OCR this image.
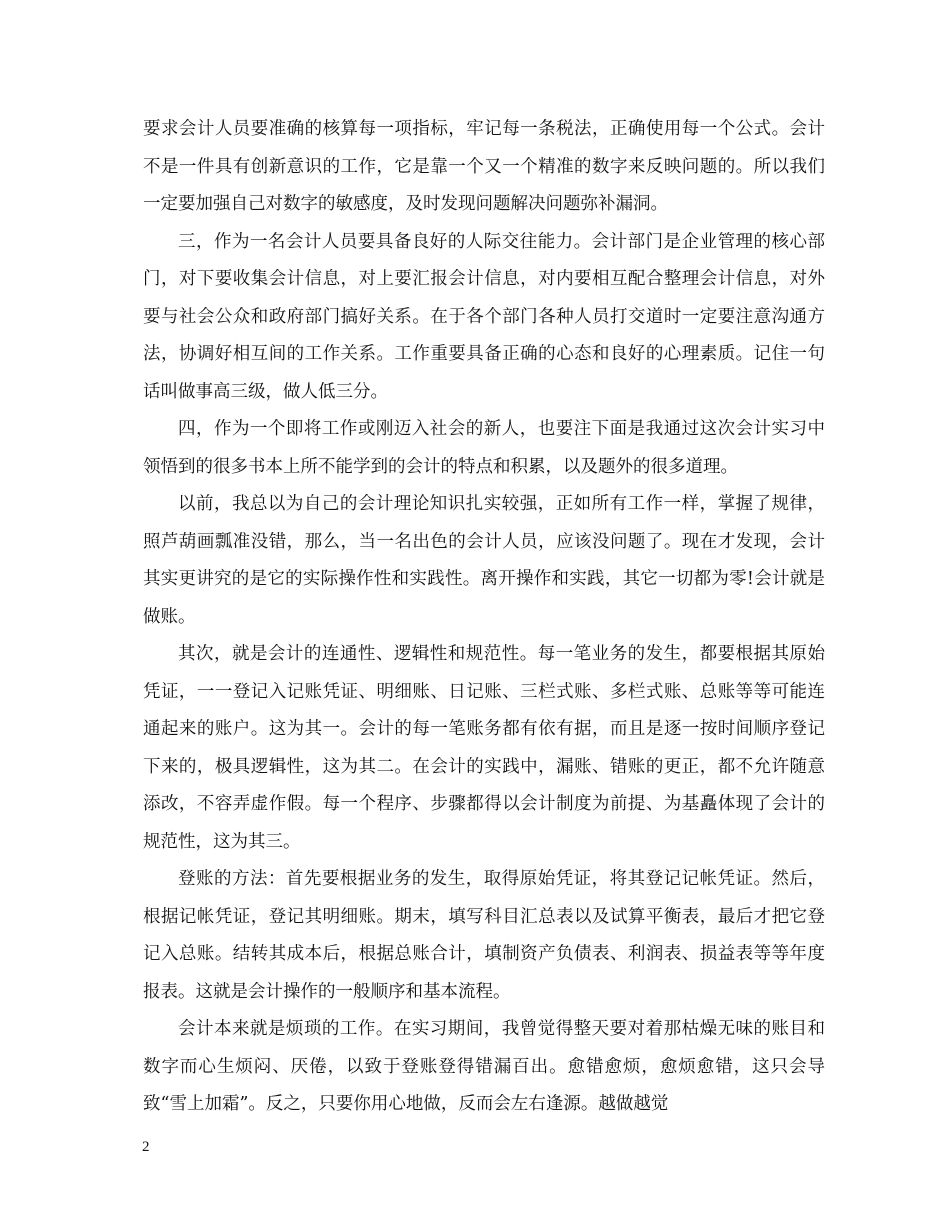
要求会计人员要准确的核算每一项指标，牢记每一条税法，正确使用每一个公式。会计不是一件具有创新意识的工作，它是靠一个又一个精准的数字来反映问题的。所以我们一定要加强自己对数字的敏感度，及时发现问题解决问题弥补漏洞。

三，作为一名会计人员要具备良好的人际交往能力。会计部门是企业管理的核心部门，对下要收集会计信息，对上要汇报会计信息，对内要相互配合整理会计信息，对外要与社会公众和政府部门搞好关系。在于各个部门各种人员打交道时一定要注意沟通方法，协调好相互间的工作关系。工作重要具备正确的心态和良好的心理素质。记住一句话叫做事高三级，做人低三分。

四，作为一个即将工作或刚迈入社会的新人，也要注下面是我通过这次会计实习中领悟到的很多书本上所不能学到的会计的特点和积累，以及题外的很多道理。

以前，我总以为自己的会计理论知识扎实较强，正如所有工作一样，掌握了规律，照芦葫画瓢准没错，那么，当一名出色的会计人员，应该没问题了。现在才发现，会计其实更讲究的是它的实际操作性和实践性。离开操作和实践，其它一切都为零!会计就是做账。

其次，就是会计的连通性、逻辑性和规范性。每一笔业务的发生，都要根据其原始凭证，一一登记入记账凭证、明细账、日记账、三栏式账、多栏式账、总账等等可能连通起来的账户。这为其一。会计的每一笔账务都有依有据，而且是逐一按时间顺序登记下来的，极具逻辑性，这为其二。在会计的实践中，漏账、错账的更正，都不允许随意添改，不容弄虚作假。每一个程序、步骤都得以会计制度为前提、为基矗体现了会计的规范性，这为其三。

登账的方法：首先要根据业务的发生，取得原始凭证，将其登记记帐凭证。然后，根据记帐凭证，登记其明细账。期末，填写科目汇总表以及试算平衡表，最后才把它登记入总账。结转其成本后，根据总账合计，填制资产负债表、利润表、损益表等等年度报表。这就是会计操作的一般顺序和基本流程。

会计本来就是烦琐的工作。在实习期间，我曾觉得整天要对着那枯燥无味的账目和数字而心生烦闷、厌倦，以致于登账登得错漏百出。愈错愈烦，愈烦愈错，这只会导致“雪上加霜”。反之，只要你用心地做，反而会左右逢源。越做越觉

2
